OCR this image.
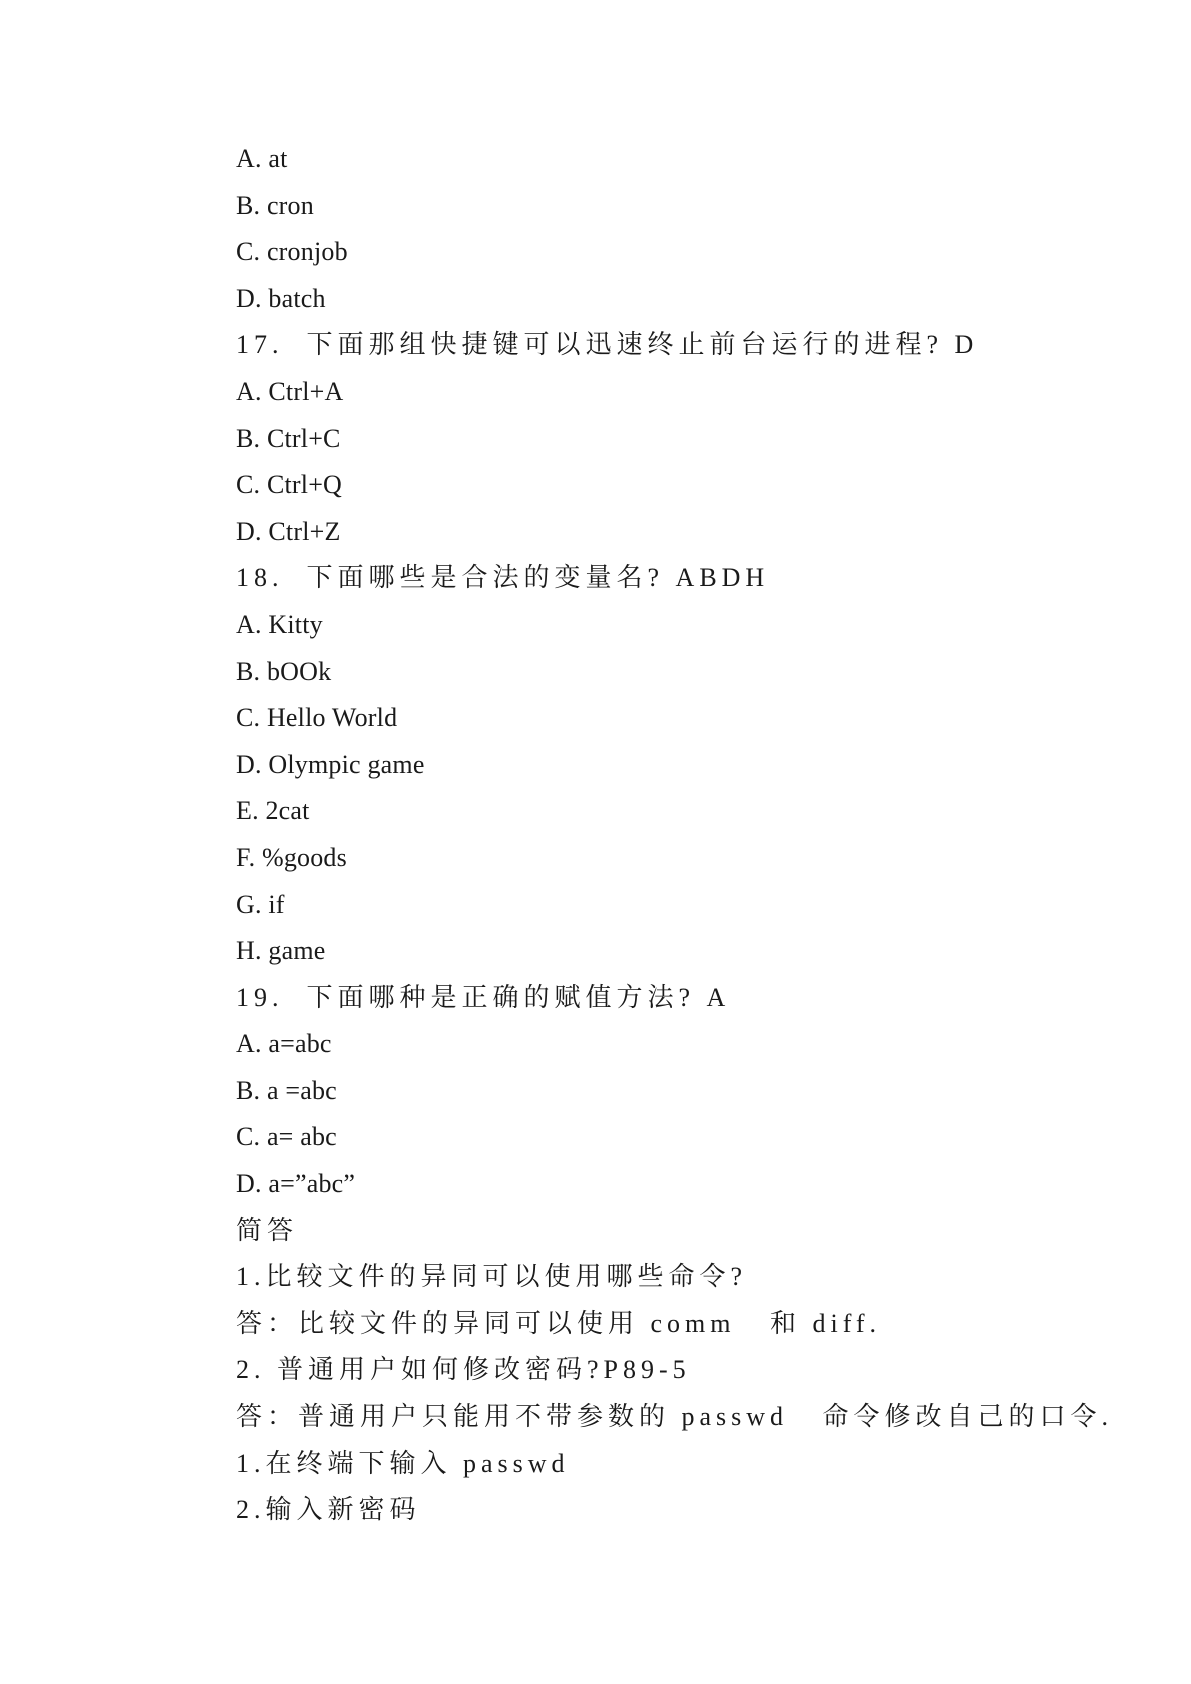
A. at
B. cron
C. cronjob
D. batch
17.  下面那组快捷键可以迅速终止前台运行的进程? D
A. Ctrl+A
B. Ctrl+C
C. Ctrl+Q
D. Ctrl+Z
18.  下面哪些是合法的变量名? ABDH
A. Kitty
B. bOOk
C. Hello World
D. Olympic game
E. 2cat
F. %goods
G. if
H. game
19.  下面哪种是正确的赋值方法? A
A. a=abc
B. a =abc
C. a= abc
D. a=”abc”
简答
1.比较文件的异同可以使用哪些命令?
答：比较文件的异同可以使用 comm   和 diff.
2. 普通用户如何修改密码?P89-5
答：普通用户只能用不带参数的 passwd   命令修改自己的口令.
1.在终端下输入 passwd
2.输入新密码
